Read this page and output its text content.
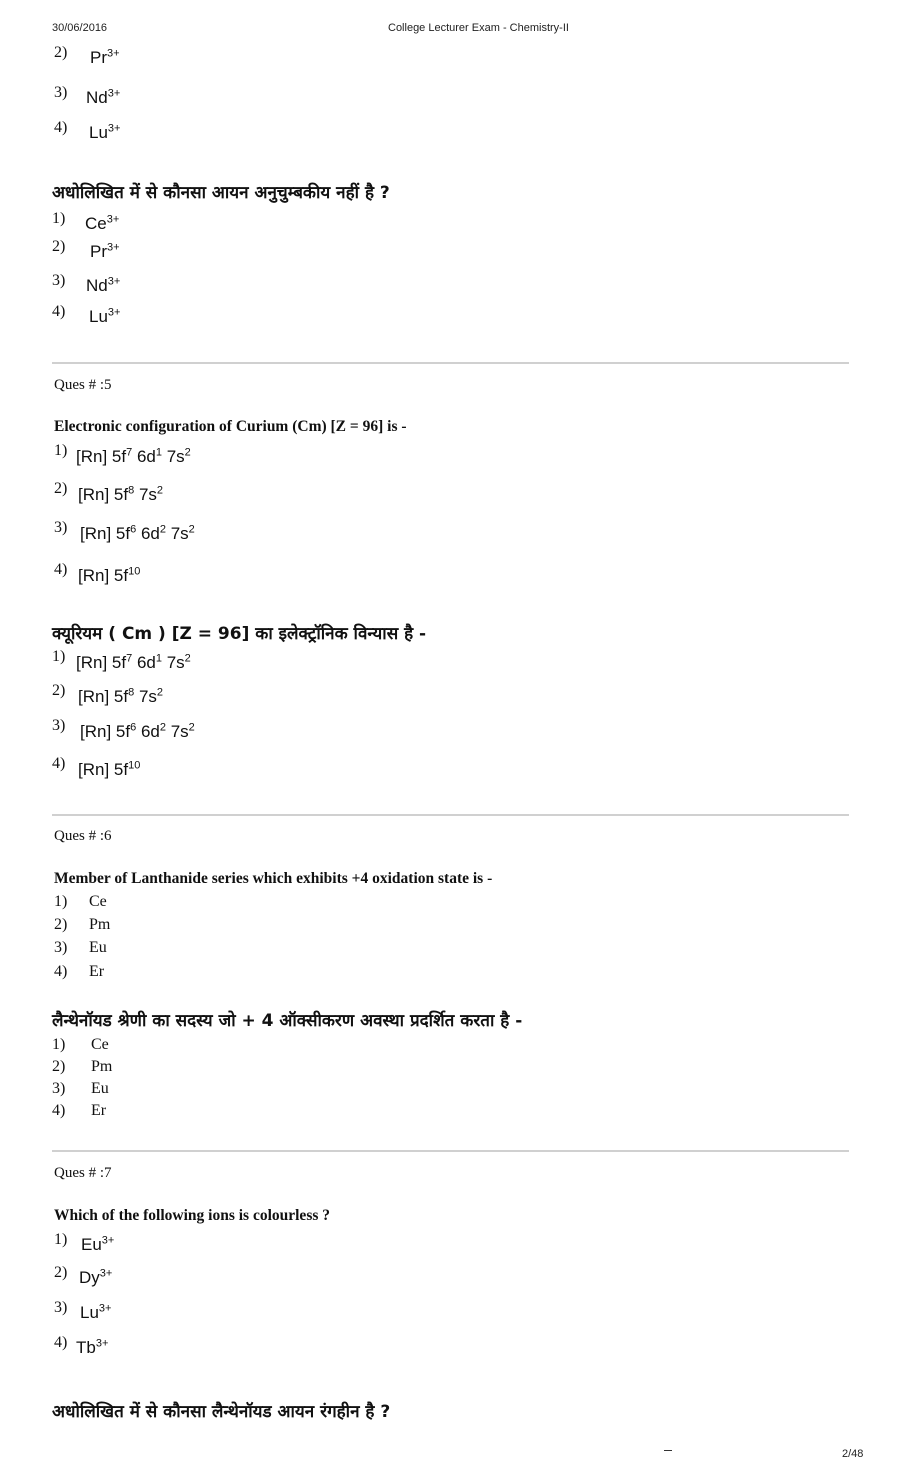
30/06/2016	College Lecturer Exam - Chemistry-II
2) $Pr^{3+}$
3) $Nd^{3+}$
4) $Lu^{3+}$
अधोलिखित में से कौनसा आयन अनुचुम्बकीय नहीं है ?
1) $Ce^{3+}$
2) $Pr^{3+}$
3) $Nd^{3+}$
4) $Lu^{3+}$
Ques # :5
Electronic configuration of Curium (Cm) [Z = 96] is -
1) [Rn] $5f^7$ $6d^1$ $7s^2$
2) [Rn] $5f^8$ $7s^2$
3) [Rn] $5f^6$ $6d^2$ $7s^2$
4) [Rn] $5f^{10}$
क्यूरियम ( Cm ) [Z = 96] का इलेक्ट्रॉनिक विन्यास है -
1) [Rn] $5f^7$ $6d^1$ $7s^2$
2) [Rn] $5f^8$ $7s^2$
3) [Rn] $5f^6$ $6d^2$ $7s^2$
4) [Rn] $5f^{10}$
Ques # :6
Member of Lanthanide series which exhibits +4 oxidation state is -
1) Ce
2) Pm
3) Eu
4) Er
लैन्थेनॉयड श्रेणी का सदस्य जो + 4 ऑक्सीकरण अवस्था प्रदर्शित करता है -
1) Ce
2) Pm
3) Eu
4) Er
Ques # :7
Which of the following ions is colourless ?
1) $Eu^{3+}$
2) $Dy^{3+}$
3) $Lu^{3+}$
4) $Tb^{3+}$
अधोलिखित में से कौनसा लैन्थेनॉयड आयन रंगहीन है ?
2/48
